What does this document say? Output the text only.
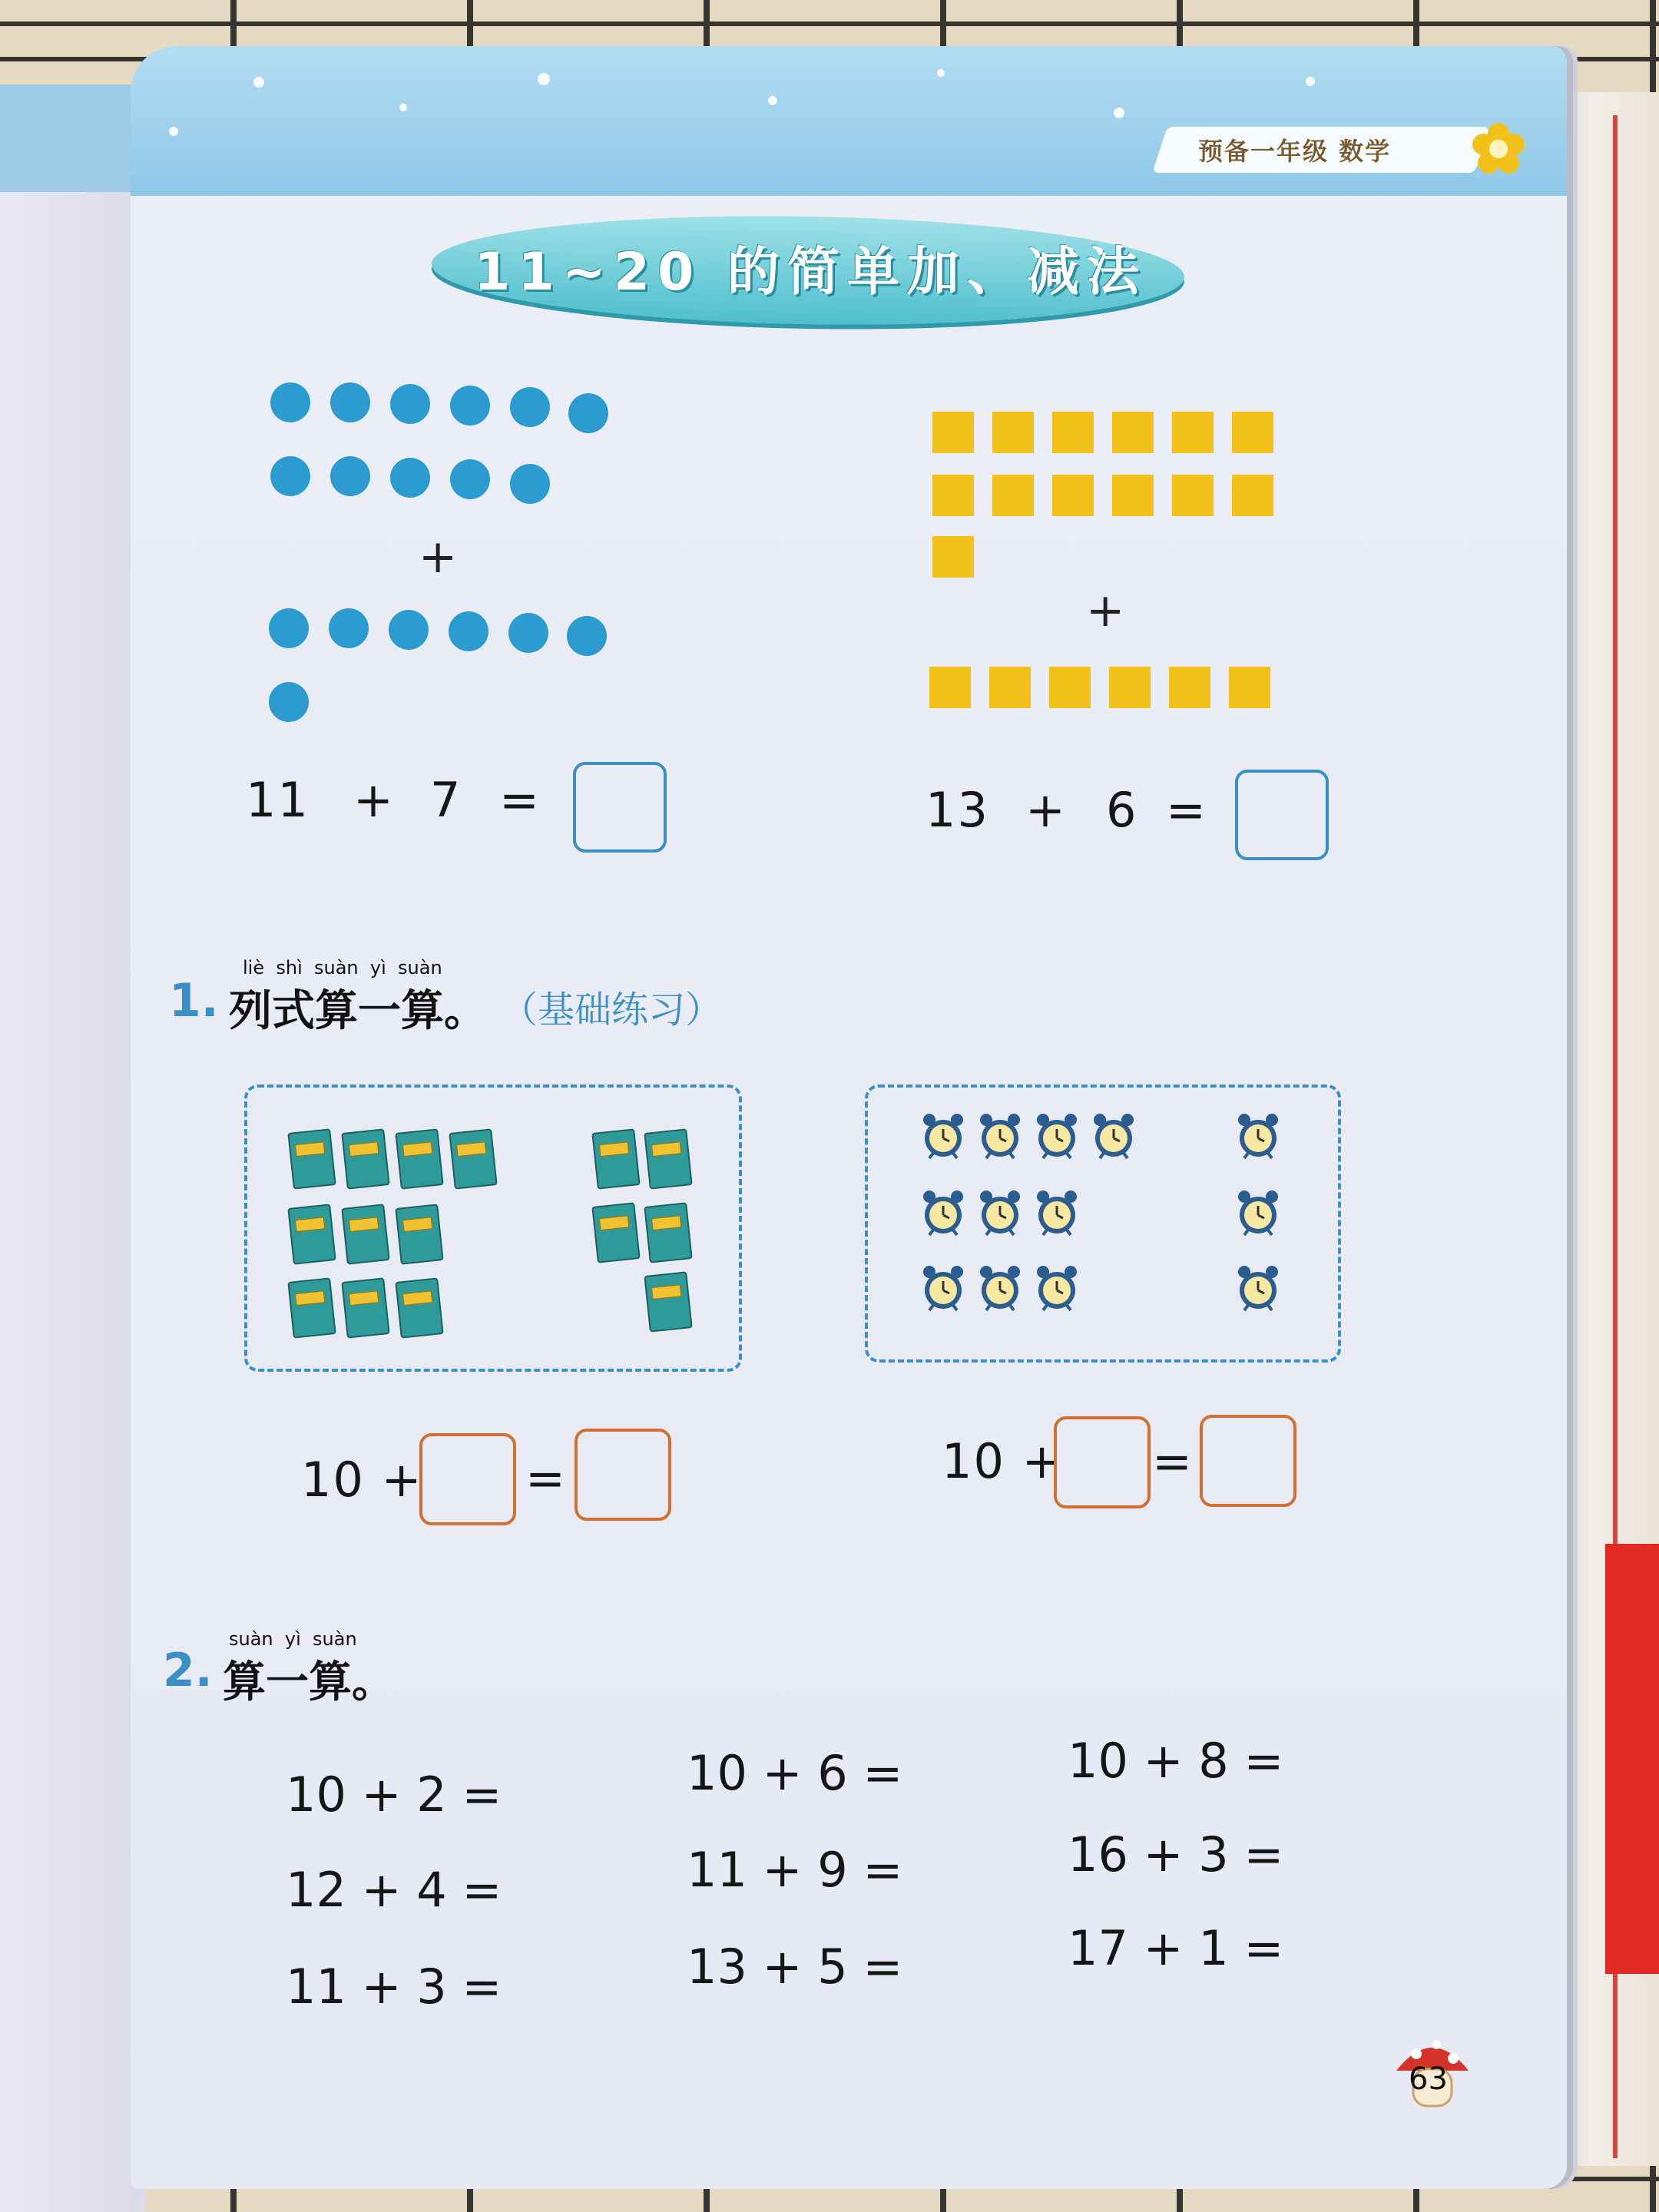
预备一年级 数学
11~20 的简单加、减法
+
11 + 7 =
+
13 + 6 =
liè  shì  suàn  yì  suàn
1. 列式算一算。 （基础练习）
10 + =	10 + =
suàn  yì  suàn
2. 算一算。
10 + 2 =
12 + 4 =
11 + 3 =
10 + 6 =
11 + 9 =
13 + 5 =
10 + 8 =
16 + 3 =
17 + 1 =
63
